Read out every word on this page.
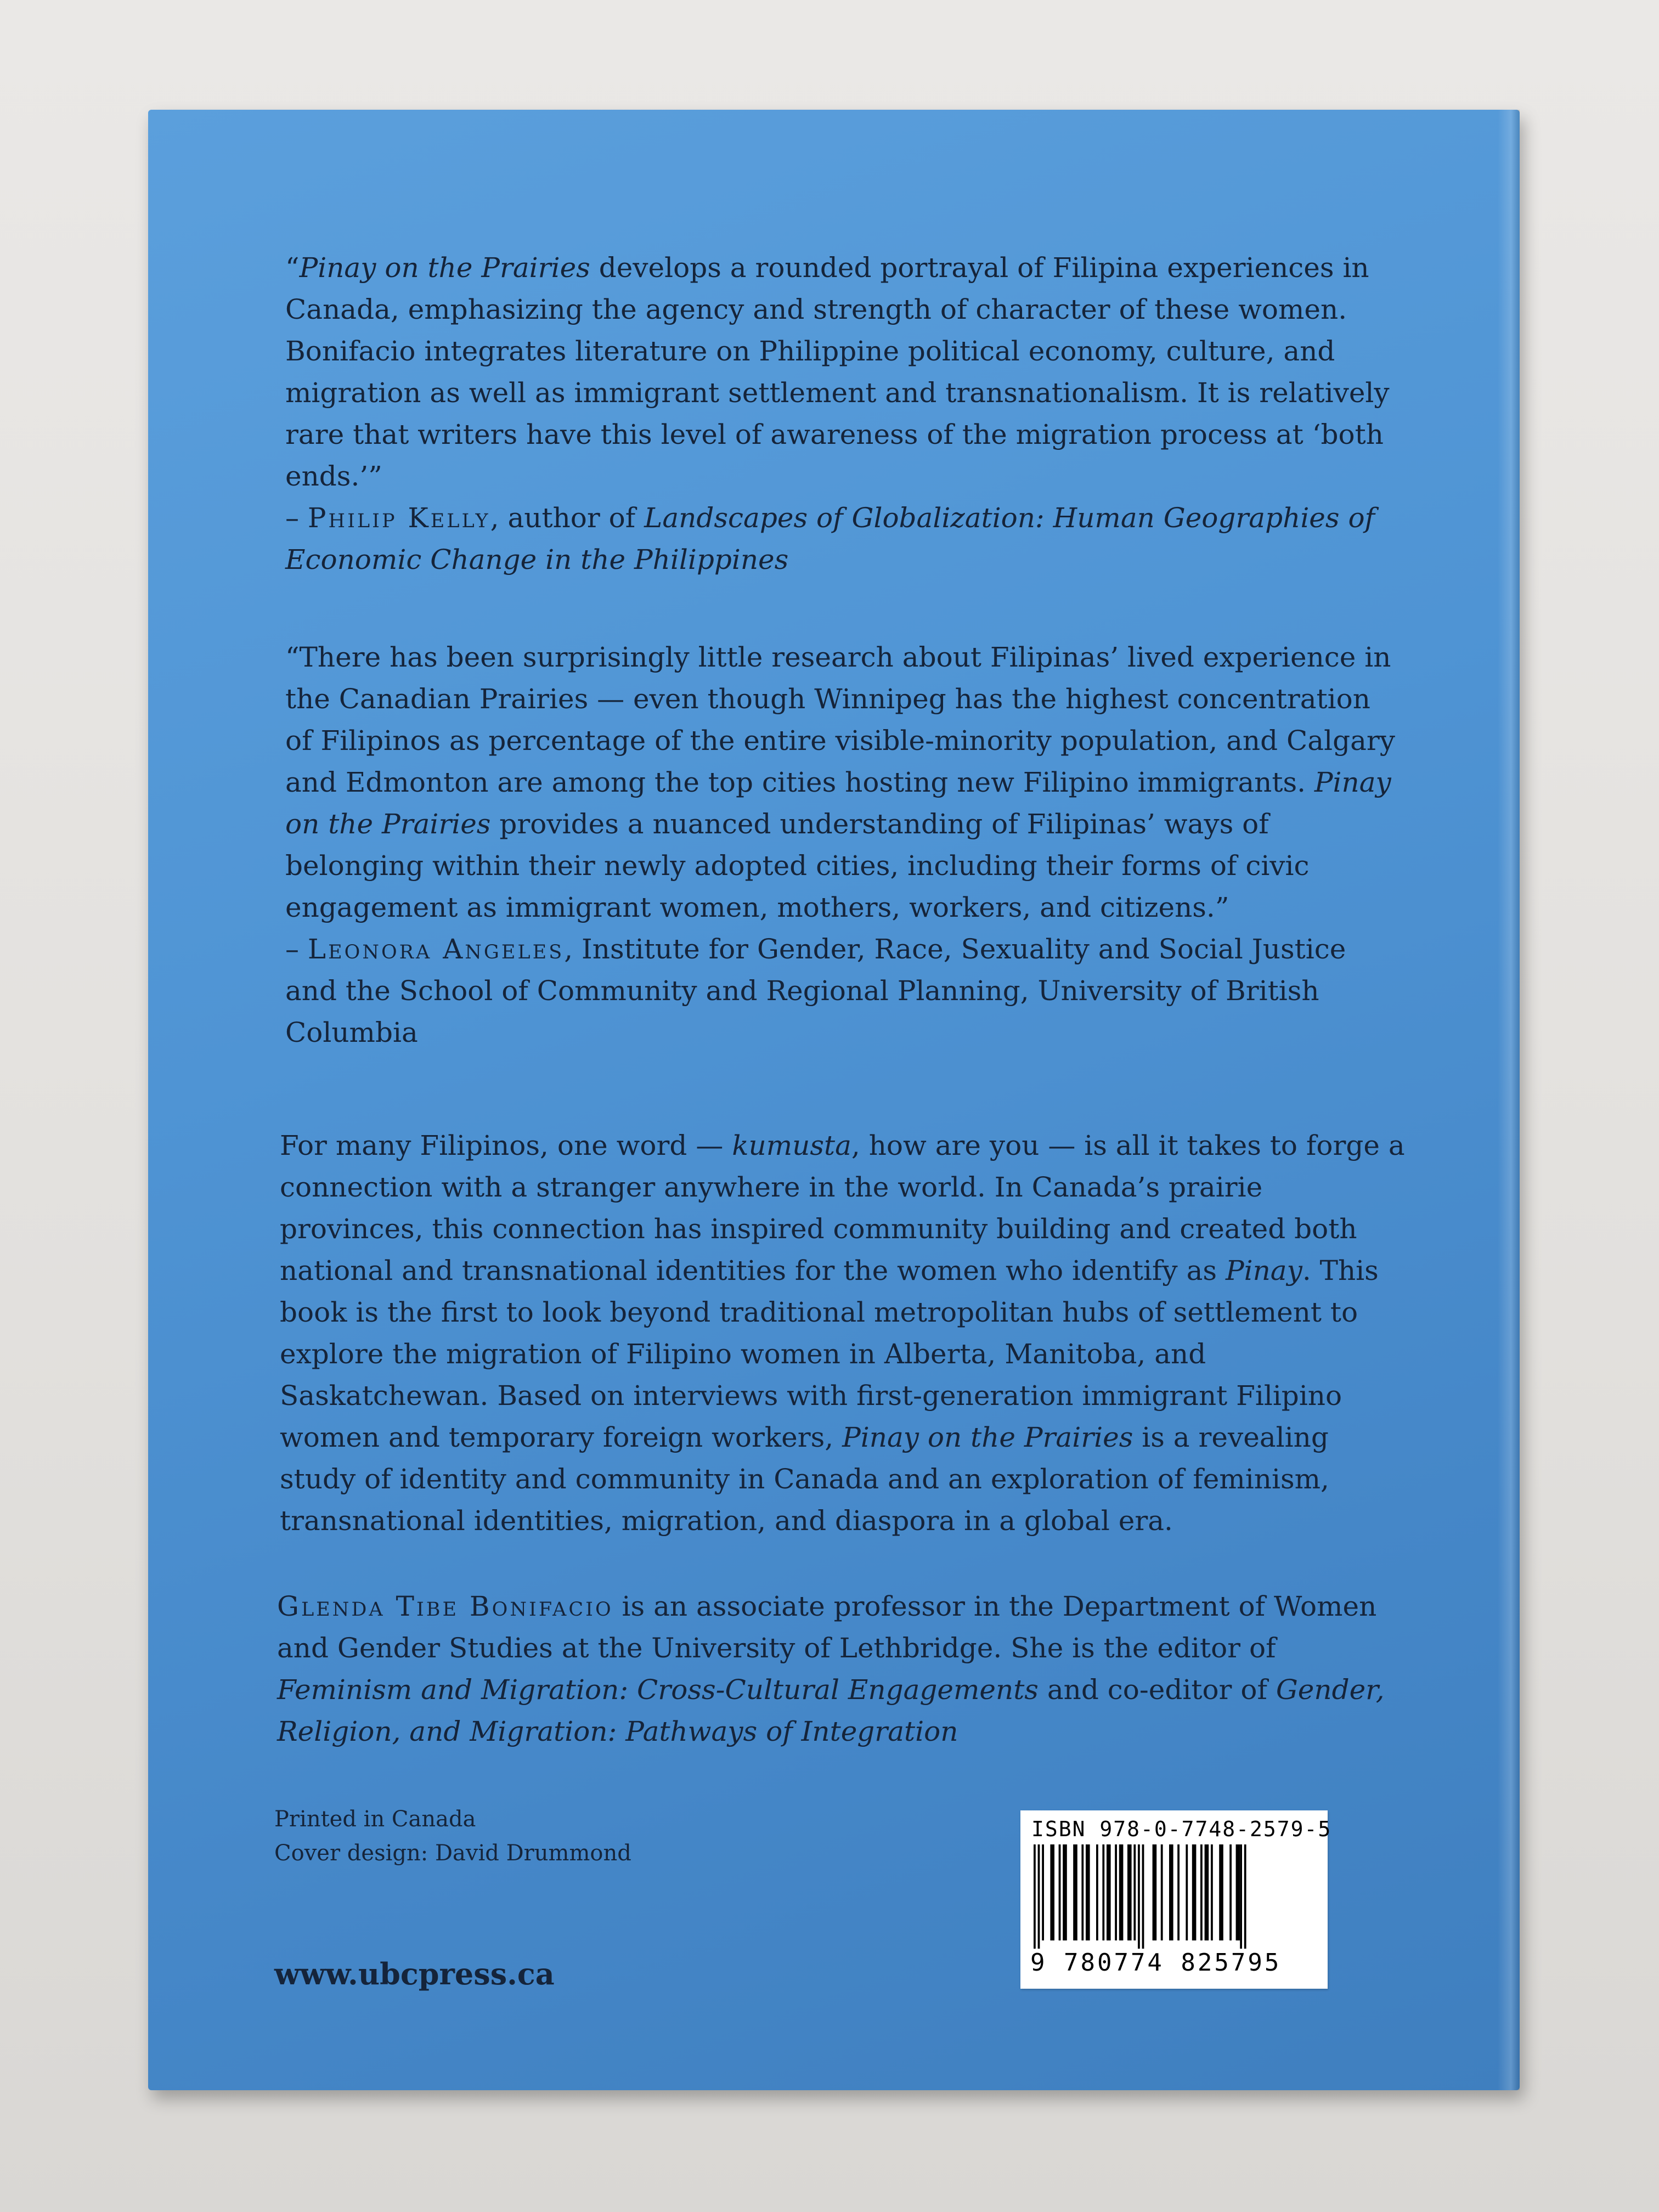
“Pinay on the Prairies develops a rounded portrayal of Filipina experiences in Canada, emphasizing the agency and strength of character of these women. Bonifacio integrates literature on Philippine political economy, culture, and migration as well as immigrant settlement and transnationalism. It is relatively rare that writers have this level of awareness of the migration process at ‘both ends.’”

– Philip Kelly, author of Landscapes of Globalization: Human Geographies of Economic Change in the Philippines

“There has been surprisingly little research about Filipinas’ lived experience in the Canadian Prairies — even though Winnipeg has the highest concentration of Filipinos as percentage of the entire visible-minority population, and Calgary and Edmonton are among the top cities hosting new Filipino immigrants. Pinay on the Prairies provides a nuanced understanding of Filipinas’ ways of belonging within their newly adopted cities, including their forms of civic engagement as immigrant women, mothers, workers, and citizens.”

– Leonora Angeles, Institute for Gender, Race, Sexuality and Social Justice and the School of Community and Regional Planning, University of British Columbia

For many Filipinos, one word — kumusta, how are you — is all it takes to forge a connection with a stranger anywhere in the world. In Canada’s prairie provinces, this connection has inspired community building and created both national and transnational identities for the women who identify as Pinay. This book is the first to look beyond traditional metropolitan hubs of settlement to explore the migration of Filipino women in Alberta, Manitoba, and Saskatchewan. Based on interviews with first-generation immigrant Filipino women and temporary foreign workers, Pinay on the Prairies is a revealing study of identity and community in Canada and an exploration of feminism, transnational identities, migration, and diaspora in a global era.

Glenda Tibe Bonifacio is an associate professor in the Department of Women and Gender Studies at the University of Lethbridge. She is the editor of Feminism and Migration: Cross-Cultural Engagements and co-editor of Gender, Religion, and Migration: Pathways of Integration

Printed in Canada
Cover design: David Drummond
www.ubcpress.ca
ISBN 978-0-7748-2579-5
9 780774 825795
